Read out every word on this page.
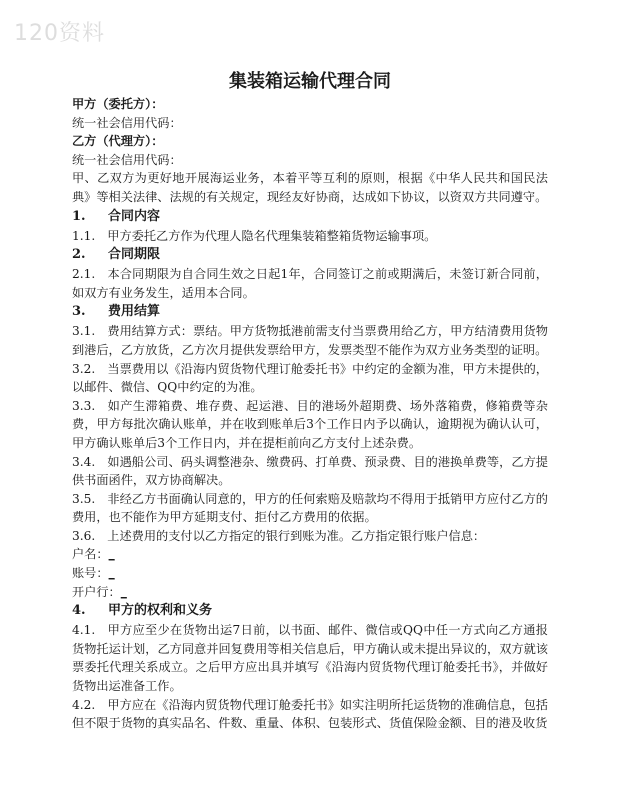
120资料
集装箱运输代理合同
甲方（委托方）：
统一社会信用代码：
乙方（代理方）：
统一社会信用代码：
甲、乙双方为更好地开展海运业务，本着平等互利的原则，根据《中华人民共和国民法典》等相关法律、法规的有关规定，现经友好协商，达成如下协议，以资双方共同遵守。
1. 合同内容
1.1. 甲方委托乙方作为代理人隐名代理集装箱整箱货物运输事项。
2. 合同期限
2.1. 本合同期限为自合同生效之日起1年，合同签订之前或期满后，未签订新合同前，如双方有业务发生，适用本合同。
3. 费用结算
3.1. 费用结算方式：票结。甲方货物抵港前需支付当票费用给乙方，甲方结清费用货物到港后，乙方放货，乙方次月提供发票给甲方，发票类型不能作为双方业务类型的证明。
3.2. 当票费用以《沿海内贸货物代理订舱委托书》中约定的金额为准，甲方未提供的，以邮件、微信、QQ中约定的为准。
3.3. 如产生滞箱费、堆存费、起运港、目的港场外超期费、场外落箱费，修箱费等杂费，甲方每批次确认账单，并在收到账单后3个工作日内予以确认，逾期视为确认认可，甲方确认账单后3个工作日内，并在提柜前向乙方支付上述杂费。
3.4. 如遇船公司、码头调整港杂、缴费码、打单费、预录费、目的港换单费等，乙方提供书面函件，双方协商解决。
3.5. 非经乙方书面确认同意的，甲方的任何索赔及赔款均不得用于抵销甲方应付乙方的费用，也不能作为甲方延期支付、拒付乙方费用的依据。
3.6. 上述费用的支付以乙方指定的银行到账为准。乙方指定银行账户信息：
户名：_
账号：_
开户行：_
4. 甲方的权利和义务
4.1. 甲方应至少在货物出运7日前，以书面、邮件、微信或QQ中任一方式向乙方通报货物托运计划，乙方同意并回复费用等相关信息后，甲方确认或未提出异议的，双方就该票委托代理关系成立。之后甲方应出具并填写《沿海内贸货物代理订舱委托书》，并做好货物出运准备工作。
4.2. 甲方应在《沿海内贸货物代理订舱委托书》如实注明所托运货物的准确信息，包括但不限于货物的真实品名、件数、重量、体积、包装形式、货值保险金额、目的港及收货
